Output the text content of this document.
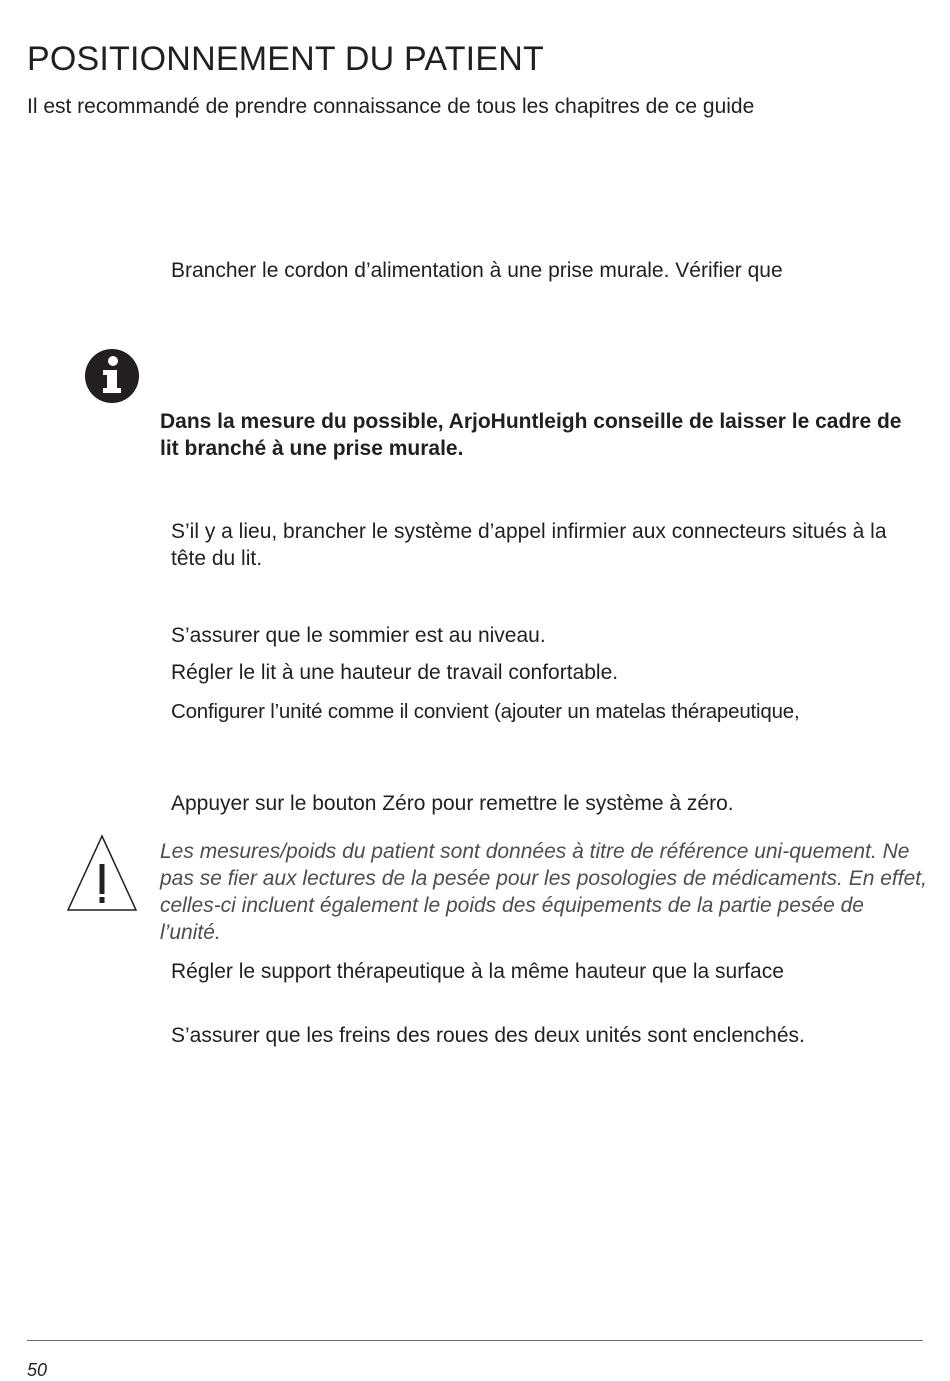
POSITIONNEMENT DU PATIENT
Il est recommandé de prendre connaissance de tous les chapitres de ce guide
Brancher le cordon d’alimentation à une prise murale. Vérifier que
Dans la mesure du possible, ArjoHuntleigh conseille de laisser le cadre de lit branché à une prise murale.
S’il y a lieu, brancher le système d’appel infirmier aux connecteurs situés à la tête du lit.
S’assurer que le sommier est au niveau.
Régler le lit à une hauteur de travail confortable.
Configurer l’unité comme il convient (ajouter un matelas thérapeutique,
Appuyer sur le bouton Zéro pour remettre le système à zéro.
Les mesures/poids du patient sont données à titre de référence uni-quement. Ne pas se fier aux lectures de la pesée pour les posologies de médicaments. En effet, celles-ci incluent également le poids des équipements de la partie pesée de l’unité.
Régler le support thérapeutique à la même hauteur que la surface
S’assurer que les freins des roues des deux unités sont enclenchés.
50
